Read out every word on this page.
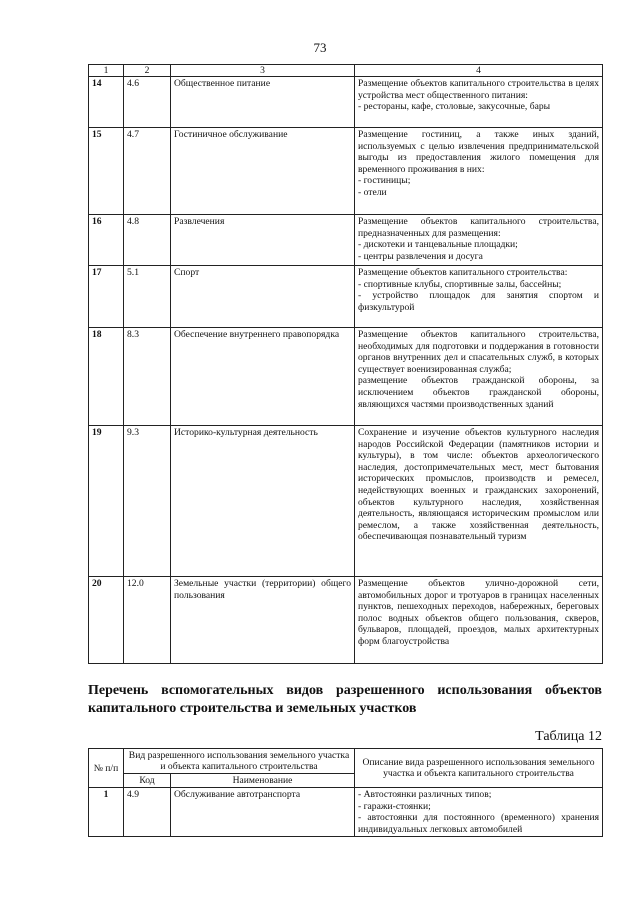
73
1	2	3	4
14	4.6	Общественное питание	Размещение объектов капитального строительства в целях устройства мест общественного питания:
- рестораны, кафе, столовые, закусочные, бары

15	4.7	Гостиничное обслуживание	Размещение гостиниц, а также иных зданий, используемых с целью извлечения предпринимательской выгоды из предоставления жилого помещения для временного проживания в них:
- гостиницы;
- отели

16	4.8	Развлечения	Размещение объектов капитального строительства, предназначенных для размещения:
- дискотеки и танцевальные площадки;
- центры развлечения и досуга

17	5.1	Спорт	Размещение объектов капитального строительства:
- спортивные клубы, спортивные залы, бассейны;
- устройство площадок для занятия спортом и физкультурой

18	8.3	Обеспечение внутреннего правопорядка	Размещение объектов капитального строительства, необходимых для подготовки и поддержания в готовности органов внутренних дел и спасательных служб, в которых существует военизированная служба;
размещение объектов гражданской обороны, за исключением объектов гражданской обороны, являющихся частями производственных зданий

19	9.3	Историко-культурная деятельность	Сохранение и изучение объектов культурного наследия народов Российской Федерации (памятников истории и культуры), в том числе: объектов археологического наследия, достопримечательных мест, мест бытования исторических промыслов, производств и ремесел, недействующих военных и гражданских захоронений, объектов культурного наследия, хозяйственная деятельность, являющаяся историческим промыслом или ремеслом, а также хозяйственная деятельность, обеспечивающая познавательный туризм

20	12.0	Земельные участки (территории) общего пользования	Размещение объектов улично-дорожной сети, автомобильных дорог и тротуаров в границах населенных пунктов, пешеходных переходов, набережных, береговых полос водных объектов общего пользования, скверов, бульваров, площадей, проездов, малых архитектурных форм благоустройства
Перечень вспомогательных видов разрешенного использования объектов капитального строительства и земельных участков
Таблица 12
№ п/п	Вид разрешенного использования земельного участка и объекта капитального строительства		Описание вида разрешенного использования земельного участка и объекта капитального строительства
	Код	Наименование	
1	4.9	Обслуживание автотранспорта	- Автостоянки различных типов;
- гаражи-стоянки;
- автостоянки для постоянного (временного) хранения индивидуальных легковых автомобилей
